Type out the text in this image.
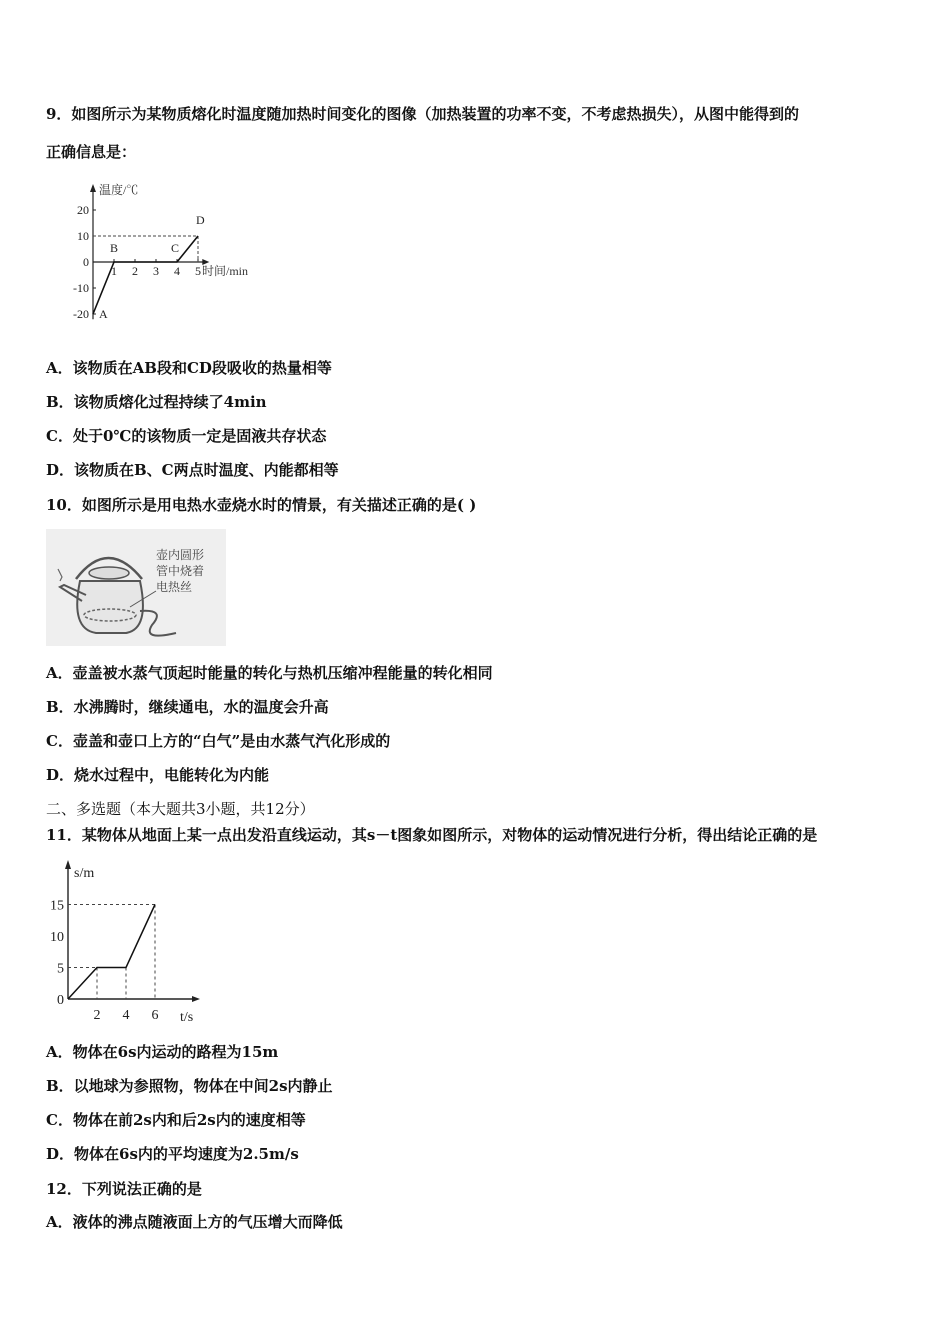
9．如图所示为某物质熔化时温度随加热时间变化的图像（加热装置的功率不变，不考虑热损失），从图中能得到的
正确信息是：
20
10
0
-10
-20
1 2 3 4 5
温度/℃
时间/min
A
B	C
D
A．该物质在AB段和CD段吸收的热量相等
B．该物质熔化过程持续了4min
C．处于0℃的该物质一定是固液共存状态
D．该物质在B、C两点时温度、内能都相等
10．如图所示是用电热水壶烧水时的情景，有关描述正确的是( )
壶内圆形
管中烧着
电热丝
A．壶盖被水蒸气顶起时能量的转化与热机压缩冲程能量的转化相同
B．水沸腾时，继续通电，水的温度会升高
C．壶盖和壶口上方的“白气”是由水蒸气汽化形成的
D．烧水过程中，电能转化为内能
二、多选题（本大题共3小题，共12分）
11．某物体从地面上某一点出发沿直线运动，其s－t图象如图所示，对物体的运动情况进行分析，得出结论正确的是
15
10
5
0
2 4 6
s/m
t/s
A．物体在6s内运动的路程为15m
B．以地球为参照物，物体在中间2s内静止
C．物体在前2s内和后2s内的速度相等
D．物体在6s内的平均速度为2.5m/s
12．下列说法正确的是
A．液体的沸点随液面上方的气压增大而降低
